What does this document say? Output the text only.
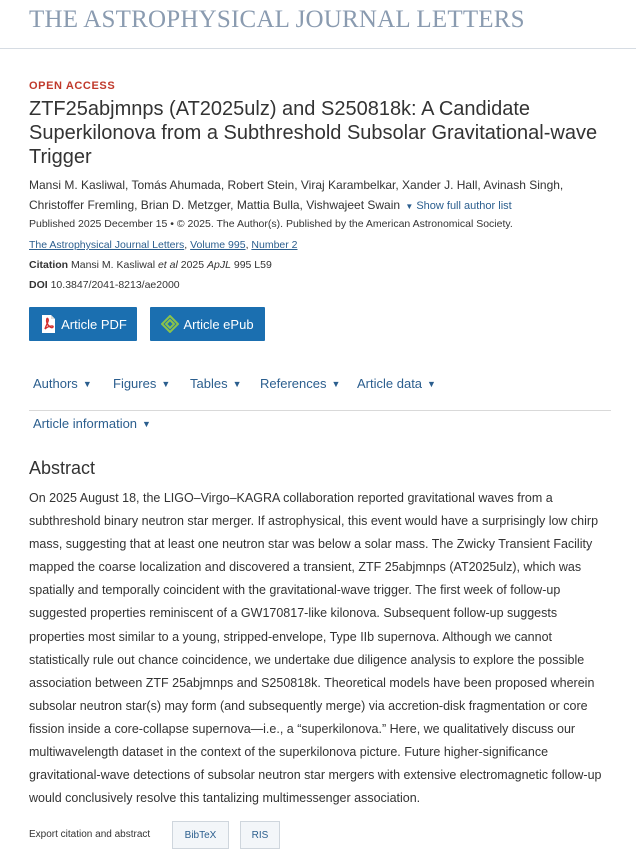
THE ASTROPHYSICAL JOURNAL LETTERS
OPEN ACCESS
ZTF25abjmnps (AT2025ulz) and S250818k: A Candidate Superkilonova from a Subthreshold Subsolar Gravitational-wave Trigger
Mansi M. Kasliwal, Tomás Ahumada, Robert Stein, Viraj Karambelkar, Xander J. Hall, Avinash Singh,
Christoffer Fremling, Brian D. Metzger, Mattia Bulla, Vishwajeet Swain ▼ Show full author list
Published 2025 December 15 • © 2025. The Author(s). Published by the American Astronomical Society.
The Astrophysical Journal Letters, Volume 995, Number 2
Citation Mansi M. Kasliwal et al 2025 ApJL 995 L59
DOI 10.3847/2041-8213/ae2000
Article PDF	Article ePub
Authors ▼ Figures ▼ Tables ▼ References ▼ Article data ▼
Article information ▼
Abstract
On 2025 August 18, the LIGO–Virgo–KAGRA collaboration reported gravitational waves from a subthreshold binary neutron star merger. If astrophysical, this event would have a surprisingly low chirp mass, suggesting that at least one neutron star was below a solar mass. The Zwicky Transient Facility mapped the coarse localization and discovered a transient, ZTF 25abjmnps (AT2025ulz), which was spatially and temporally coincident with the gravitational-wave trigger. The first week of follow-up suggested properties reminiscent of a GW170817-like kilonova. Subsequent follow-up suggests properties most similar to a young, stripped-envelope, Type IIb supernova. Although we cannot statistically rule out chance coincidence, we undertake due diligence analysis to explore the possible association between ZTF 25abjmnps and S250818k. Theoretical models have been proposed wherein subsolar neutron star(s) may form (and subsequently merge) via accretion-disk fragmentation or core fission inside a core-collapse supernova—i.e., a “superkilonova.” Here, we qualitatively discuss our multiwavelength dataset in the context of the superkilonova picture. Future higher-significance gravitational-wave detections of subsolar neutron star mergers with extensive electromagnetic follow-up would conclusively resolve this tantalizing multimessenger association.
Export citation and abstract	BibTeX	RIS
